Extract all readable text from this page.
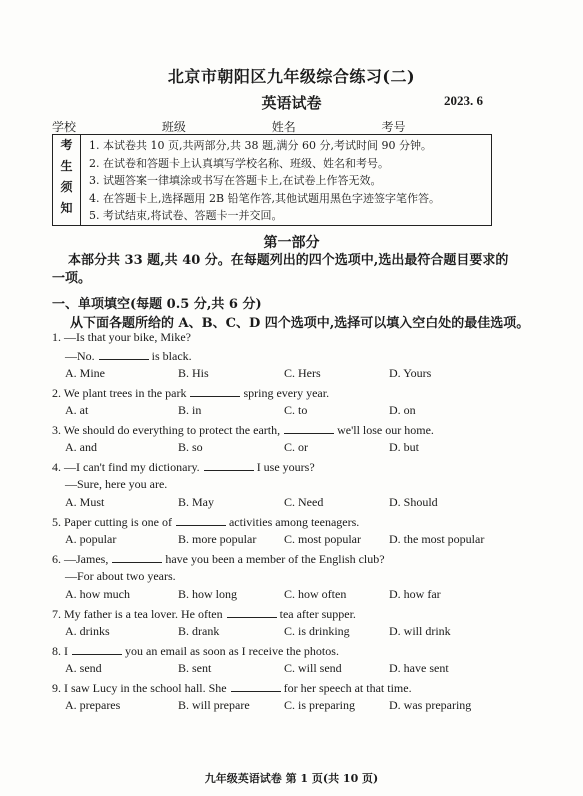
北京市朝阳区九年级综合练习(二)
英语试卷	2023. 6
学校	班级	姓名	考号
考
生
须
知
1. 本试卷共 10 页,共两部分,共 38 题,满分 60 分,考试时间 90 分钟。
2. 在试卷和答题卡上认真填写学校名称、班级、姓名和考号。
3. 试题答案一律填涂或书写在答题卡上,在试卷上作答无效。
4. 在答题卡上,选择题用 2B 铅笔作答,其他试题用黑色字迹签字笔作答。
5. 考试结束,将试卷、答题卡一并交回。
第一部分
本部分共 33 题,共 40 分。在每题列出的四个选项中,选出最符合题目要求的一项。
一、单项填空(每题 0.5 分,共 6 分)
从下面各题所给的 A、B、C、D 四个选项中,选择可以填入空白处的最佳选项。
1. —Is that your bike, Mike?
—No.	is black.
A. Mine	B. His	C. Hers	D. Yours
2. We plant trees in the park	spring every year.
A. at	B. in	C. to	D. on
3. We should do everything to protect the earth,	we'll lose our home.
A. and	B. so	C. or	D. but
4. —I can't find my dictionary.	I use yours?
—Sure, here you are.
A. Must	B. May	C. Need	D. Should
5. Paper cutting is one of	activities among teenagers.
A. popular	B. more popular C. most popular D. the most popular
6. —James,	have you been a member of the English club?
—For about two years.
A. how much	B. how long	C. how often	D. how far
7. My father is a tea lover. He often	tea after supper.
A. drinks	B. drank	C. is drinking	D. will drink
8. I	you an email as soon as I receive the photos.
A. send	B. sent	C. will send	D. have sent
9. I saw Lucy in the school hall. She	for her speech at that time.
A. prepares	B. will prepare	C. is preparing	D. was preparing
九年级英语试卷 第 1 页(共 10 页)
